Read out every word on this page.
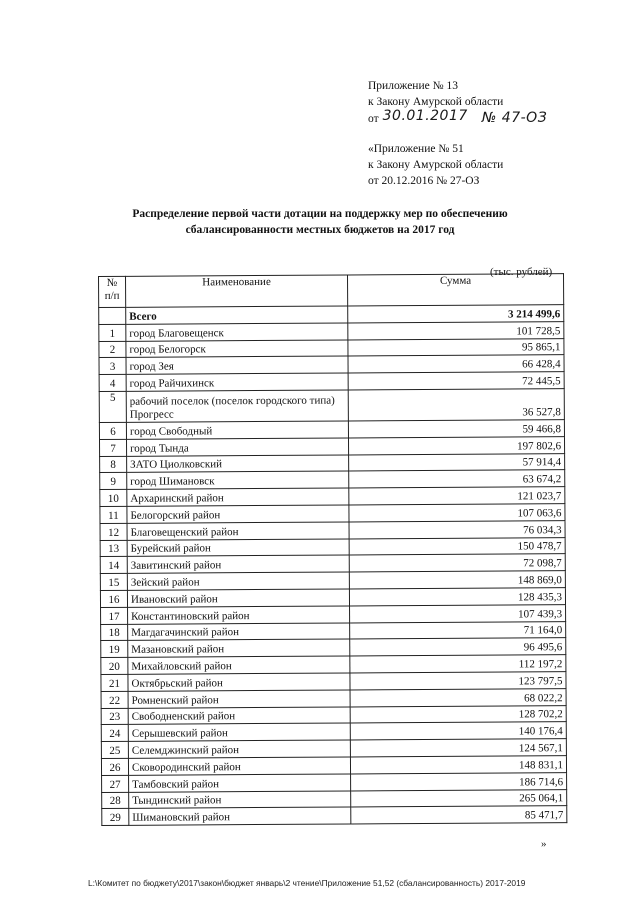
Приложение № 13
к Закону Амурской области
от 30.01.2017 № 47-ОЗ
«Приложение № 51
к Закону Амурской области
от 20.12.2016 № 27-ОЗ
Распределение первой части дотации на поддержку мер по обеспечению
сбалансированности местных бюджетов на 2017 год
(тыс. рублей)
№ п/п	Наименование	Сумма
	Всего	3 214 499,6
1	город Благовещенск	101 728,5
2	город Белогорск	95 865,1
3	город Зея	66 428,4
4	город Райчихинск	72 445,5
5	рабочий поселок (поселок городского типа) Прогресс	36 527,8
6	город Свободный	59 466,8
7	город Тында	197 802,6
8	ЗАТО Циолковский	57 914,4
9	город Шимановск	63 674,2
10	Архаринский район	121 023,7
11	Белогорский район	107 063,6
12	Благовещенский район	76 034,3
13	Бурейский район	150 478,7
14	Завитинский район	72 098,7
15	Зейский район	148 869,0
16	Ивановский район	128 435,3
17	Константиновский район	107 439,3
18	Магдагачинский район	71 164,0
19	Мазановский район	96 495,6
20	Михайловский район	112 197,2
21	Октябрьский район	123 797,5
22	Ромненский район	68 022,2
23	Свободненский район	128 702,2
24	Серышевский район	140 176,4
25	Селемджинский район	124 567,1
26	Сковородинский район	148 831,1
27	Тамбовский район	186 714,6
28	Тындинский район	265 064,1
29	Шимановский район	85 471,7
»
L:\Комитет по бюджету\2017\закон\бюджет январь\2 чтение\Приложение 51,52 (сбалансированность) 2017-2019
